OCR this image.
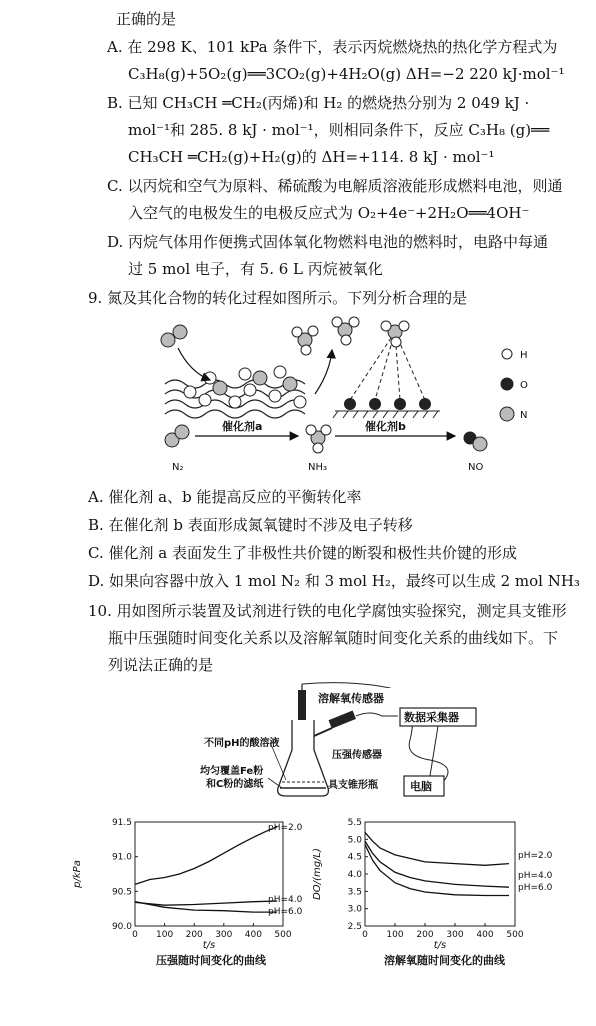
正确的是
A. 在 298 K、101 kPa 条件下，表示丙烷燃烧热的热化学方程式为
C₃H₈(g)+5O₂(g)══3CO₂(g)+4H₂O(g) ΔH=−2 220 kJ·mol⁻¹
B. 已知 CH₃CH ═CH₂(丙烯)和 H₂ 的燃烧热分别为 2 049 kJ ·
mol⁻¹和 285. 8 kJ · mol⁻¹，则相同条件下，反应 C₃H₈ (g)══
CH₃CH ═CH₂(g)+H₂(g)的 ΔH=+114. 8 kJ · mol⁻¹
C. 以丙烷和空气为原料、稀硫酸为电解质溶液能形成燃料电池，则通
入空气的电极发生的电极反应式为 O₂+4e⁻+2H₂O══4OH⁻
D. 丙烷气体用作便携式固体氧化物燃料电池的燃料时，电路中每通
过 5 mol 电子，有 5. 6 L 丙烷被氧化
9. 氮及其化合物的转化过程如图所示。下列分析合理的是
H
O
N
催化剂a	催化剂b
N₂	NH₃	NO
A. 催化剂 a、b 能提高反应的平衡转化率
B. 在催化剂 b 表面形成氮氧键时不涉及电子转移
C. 催化剂 a 表面发生了非极性共价键的断裂和极性共价键的形成
D. 如果向容器中放入 1 mol N₂ 和 3 mol H₂，最终可以生成 2 mol NH₃
10. 用如图所示装置及试剂进行铁的电化学腐蚀实验探究，测定具支锥形
瓶中压强随时间变化关系以及溶解氧随时间变化关系的曲线如下。下
列说法正确的是
溶解氧传感器
数据采集器
电脑
不同pH的酸溶液
压强传感器
均匀覆盖Fe粉
和C粉的滤纸	具支锥形瓶
0 100 200 300 400 500
90.0
90.5
91.0
91.5
t/s
p/kPa
pH=2.0
pH=4.0
pH=6.0
0 100 200 300 400 500
2.5
3.0
3.5
4.0
4.5
5.0
5.5
t/s
DO/(mg/L)	pH=2.0
pH=4.0
pH=6.0
压强随时间变化的曲线	溶解氧随时间变化的曲线
